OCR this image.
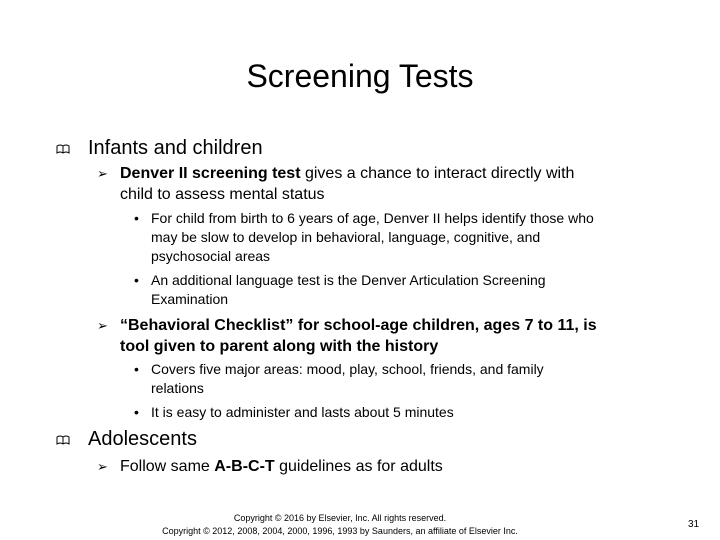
Screening Tests
Infants and children
➢ Denver II screening test gives a chance to interact directly with
child to assess mental status
• For child from birth to 6 years of age, Denver II helps identify those who
may be slow to develop in behavioral, language, cognitive, and
psychosocial areas
• An additional language test is the Denver Articulation Screening
Examination
➢ “Behavioral Checklist” for school-age children, ages 7 to 11, is
tool given to parent along with the history
• Covers five major areas: mood, play, school, friends, and family
relations
• It is easy to administer and lasts about 5 minutes
Adolescents
➢ Follow same A-B-C-T guidelines as for adults
Copyright © 2016 by Elsevier, Inc. All rights reserved.
Copyright © 2012, 2008, 2004, 2000, 1996, 1993 by Saunders, an affiliate of Elsevier Inc.
31
